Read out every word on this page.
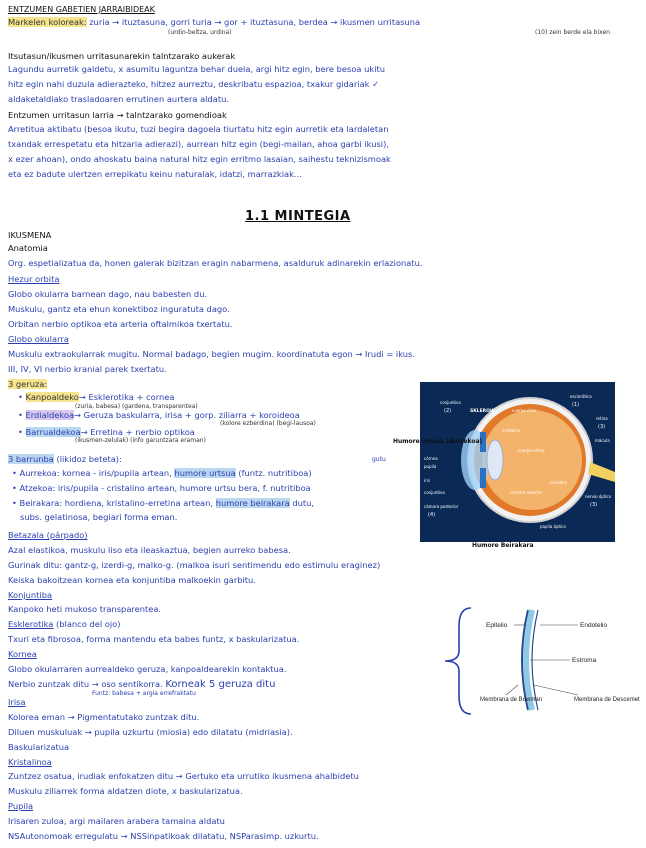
ENTZUMEN GABETIEN JARRAIBIDEAK
Markelen koloreak: zuria → ituztasuna, gorri turia → gor + ituztasuna, berdea → ikusmen urritasuna
(urdin-beltza, urdina)	(10) zein berde ela bixen
Itsutasun/ikusmen urritasunarekin talntzarako aukerak
Lagundu aurretik galdetu, x asumitu laguntza behar duela, argi hitz egin, bere besoa ukitu
hitz egin nahi duzula adierazteko, hitzez aurreztu, deskribatu espazioa, txakur gidariak ✓
aldaketaldiako trasladoaren errutinen aurtera aldatu.
Entzumen urritasun larria → talntzarako gomendioak
Arretitua aktibatu (besoa ikutu, tuzi begira dagoela tiurtatu hitz egin aurretik eta lardaletan
txandak errespetatu eta hitzaria adierazi), aurrean hitz egin (begi-mailan, ahoa garbi ikusi),
x ezer ahoan), ondo ahoskatu baina natural hitz egin erritmo lasaian, saihestu teknizismoak
eta ez badute ulertzen errepikatu keinu naturalak, idatzi, marrazkiak...
1.1 MINTEGIA
IKUSMENA
Anatomia
Org. espetializatua da, honen galerak bizitzan eragin nabarmena, asalduruk adinarekin erlazionatu.
Hezur orbita
Globo okularra barnean dago, nau babesten du.
Muskulu, gantz eta ehun konektiboz inguratuta dago.
Orbitan nerbio optikoa eta arteria oftalmikoa txertatu.
Globo okularra
Muskulu extraokularrak mugitu. Normal badago, begien mugim. koordinatuta egon → Irudi = ikus.
III, IV, VI nerbio kranial parek txertatu.
3 geruza:
• Kanpoaldeko→ Esklerotika + cornea
(zuria, babesa) (gardena, transparentea)
• Erdialdekoa→ Geruza baskularra, irisa + gorp. ziliarra + koroideoa
(kolore ezberdina) (begi-lausoa)
• Barrualdekoa→ Erretina + nerbio optikoa
(ikusmen-zelulak) (info garuntzara eraman)
3 barrunba (likidoz beteta):	gutu
• Aurrekoa: kornea - iris/pupila artean, humore urtsua (funtz. nutritiboa)
• Atzekoa: iris/pupila - cristalino artean, humore urtsu bera, f. nutritiboa
• Beirakara: hordiena, kristalino-erretina artean, humore beirakara dutu,
subs. gelatinosa, begiari forma eman.
Betazala (párpado)
Azal elastikoa, muskulu liso eta ileaskaztua, begien aurreko babesa.
Gurinak ditu: gantz-g, izerdi-g, malko-g. (malkoa isuri sentimendu edo estimulu eraginez)
Keiska bakoitzean kornea eta konjuntiba malkoekin garbitu.
Konjuntiba
Kanpoko heti mukoso transparentea.
Esklerotika (blanco del ojo)
Txuri eta fibrosoa, forma mantendu eta babes funtz, x baskularizatua.
Kornea
Globo okularraren aurrealdeko geruza, kanpoaldearekin kontaktua.
Nerbio zuntzak ditu → oso sentikorra. Korneak 5 geruza ditu
Funtz: babesa + argia errefraktatu
Irisa
Kolorea eman → Pigmentatutako zuntzak ditu.
Diluen muskuluak → pupila uzkurtu (miosia) edo dilatatu (midriasia).
Baskularizatua
Kristalinoa
Zuntzez osatua, irudiak enfokatzen ditu → Gertuko eta urrutiko ikusmena ahalbidetu
Muskulu ziliarrek forma aldatzen diote, x baskularizatua.
Pupila
Irisaren zuloa, argi mailaren arabera tamaina aldatu
NSAutonomoak erregulatu → NSSinpatikoak dilatatu, NSParasimp. uzkurtu.
conjuntiva
(2)	SKLEROIK
esclerótica
(1)
retina
(3)
mácula
cuerpo ciliar
cristalino
cuerpo vítreo
córnea
pupila
iris
conjuntiva
cámara posterior
(4)
cámara anterior
nervio óptico
(3)
papila óptica
coroides
Humore urtsua (Aurrekoa)
Humore Beirakara
Epitelio	Endotelio
Estroma
Membrana de Bowman	Membrana de Descemet
